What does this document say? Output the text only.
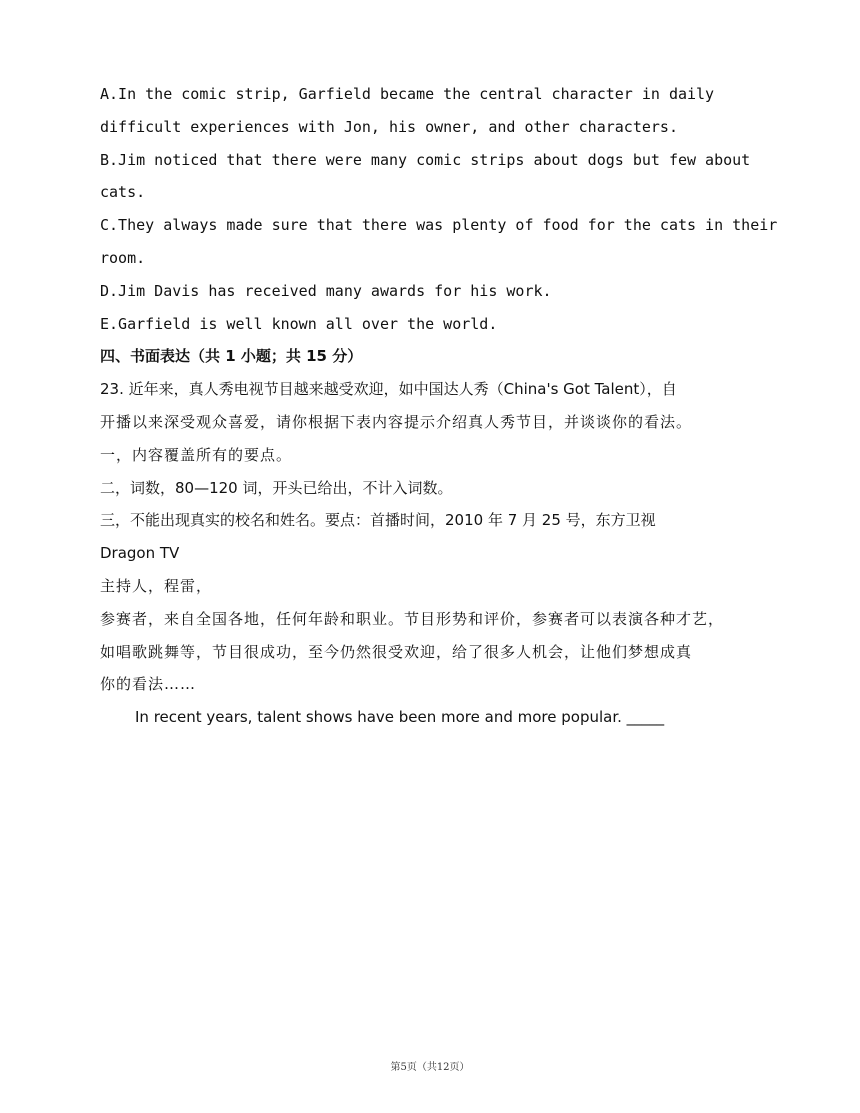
A.In the comic strip, Garfield became the central character in daily

difficult experiences with Jon, his owner, and other characters.

B.Jim noticed that there were many comic strips about dogs but few about

cats.

C.They always made sure that there was plenty of food for the cats in their

room.

D.Jim Davis has received many awards for his work.

E.Garfield is well known all over the world.

四、书面表达（共 1 小题；共 15 分）

23. 近年来，真人秀电视节目越来越受欢迎，如中国达人秀（China's Got Talent），自

开播以来深受观众喜爱，请你根据下表内容提示介绍真人秀节目，并谈谈你的看法。

一，内容覆盖所有的要点。

二，词数，80—120 词，开头已给出，不计入词数。

三，不能出现真实的校名和姓名。要点：首播时间，2010 年 7 月 25 号，东方卫视

Dragon TV

主持人，程雷，

参赛者，来自全国各地，任何年龄和职业。节目形势和评价，参赛者可以表演各种才艺，

如唱歌跳舞等，节目很成功，至今仍然很受欢迎，给了很多人机会，让他们梦想成真

你的看法……

In recent years, talent shows have been more and more popular. _____

第5页（共12页）
